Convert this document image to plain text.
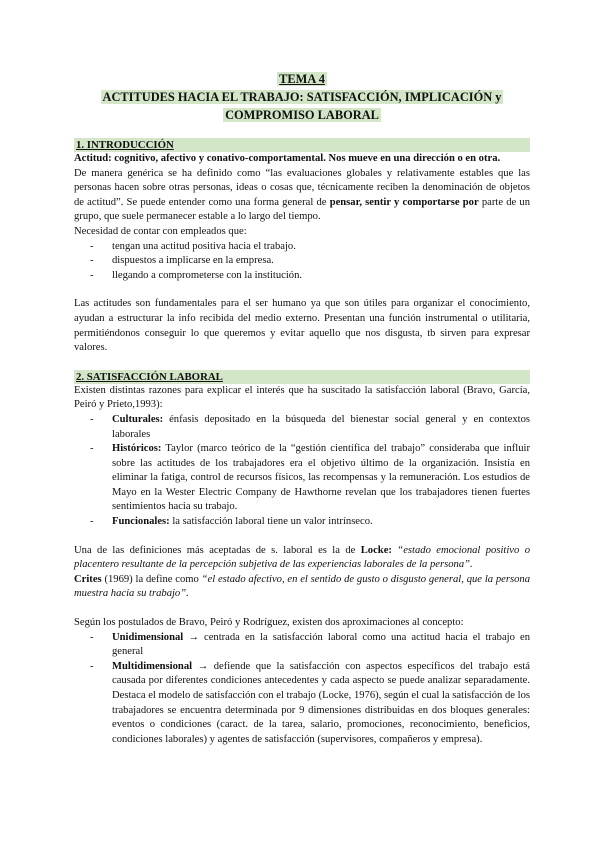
TEMA 4
ACTITUDES HACIA EL TRABAJO: SATISFACCIÓN, IMPLICACIÓN y
COMPROMISO LABORAL
1. INTRODUCCIÓN

Actitud: cognitivo, afectivo y conativo-comportamental. Nos mueve en una dirección o en otra.

De manera genérica se ha definido como “las evaluaciones globales y relativamente estables que las personas hacen sobre otras personas, ideas o cosas que, técnicamente reciben la denominación de objetos de actitud”. Se puede entender como una forma general de pensar, sentir y comportarse por parte de un grupo, que suele permanecer estable a lo largo del tiempo.

Necesidad de contar con empleados que:

- tengan una actitud positiva hacia el trabajo.
- dispuestos a implicarse en la empresa.
- llegando a comprometerse con la institución.

Las actitudes son fundamentales para el ser humano ya que son útiles para organizar el conocimiento, ayudan a estructurar la info recibida del medio externo. Presentan una función instrumental o utilitaria, permitiéndonos conseguir lo que queremos y evitar aquello que nos disgusta, tb sirven para expresar valores.

2. SATISFACCIÓN LABORAL

Existen distintas razones para explicar el interés que ha suscitado la satisfacción laboral (Bravo, García, Peiró y Prieto,1993):

- Culturales: énfasis depositado en la búsqueda del bienestar social general y en contextos laborales
- Históricos: Taylor (marco teórico de la “gestión científica del trabajo” consideraba que influir sobre las actitudes de los trabajadores era el objetivo último de la organización. Insistía en eliminar la fatiga, control de recursos físicos, las recompensas y la remuneración. Los estudios de Mayo en la Wester Electric Company de Hawthorne revelan que los trabajadores tienen fuertes sentimientos hacia su trabajo.
- Funcionales: la satisfacción laboral tiene un valor intrínseco.

Una de las definiciones más aceptadas de s. laboral es la de Locke: “estado emocional positivo o placentero resultante de la percepción subjetiva de las experiencias laborales de la persona”.

Crites (1969) la define como “el estado afectivo, en el sentido de gusto o disgusto general, que la persona muestra hacia su trabajo”.

Según los postulados de Bravo, Peiró y Rodríguez, existen dos aproximaciones al concepto:

- Unidimensional → centrada en la satisfacción laboral como una actitud hacia el trabajo en general
- Multidimensional → defiende que la satisfacción con aspectos específicos del trabajo está causada por diferentes condiciones antecedentes y cada aspecto se puede analizar separadamente. Destaca el modelo de satisfacción con el trabajo (Locke, 1976), según el cual la satisfacción de los trabajadores se encuentra determinada por 9 dimensiones distribuidas en dos bloques generales: eventos o condiciones (caract. de la tarea, salario, promociones, reconocimiento, beneficios, condiciones laborales) y agentes de satisfacción (supervisores, compañeros y empresa).
